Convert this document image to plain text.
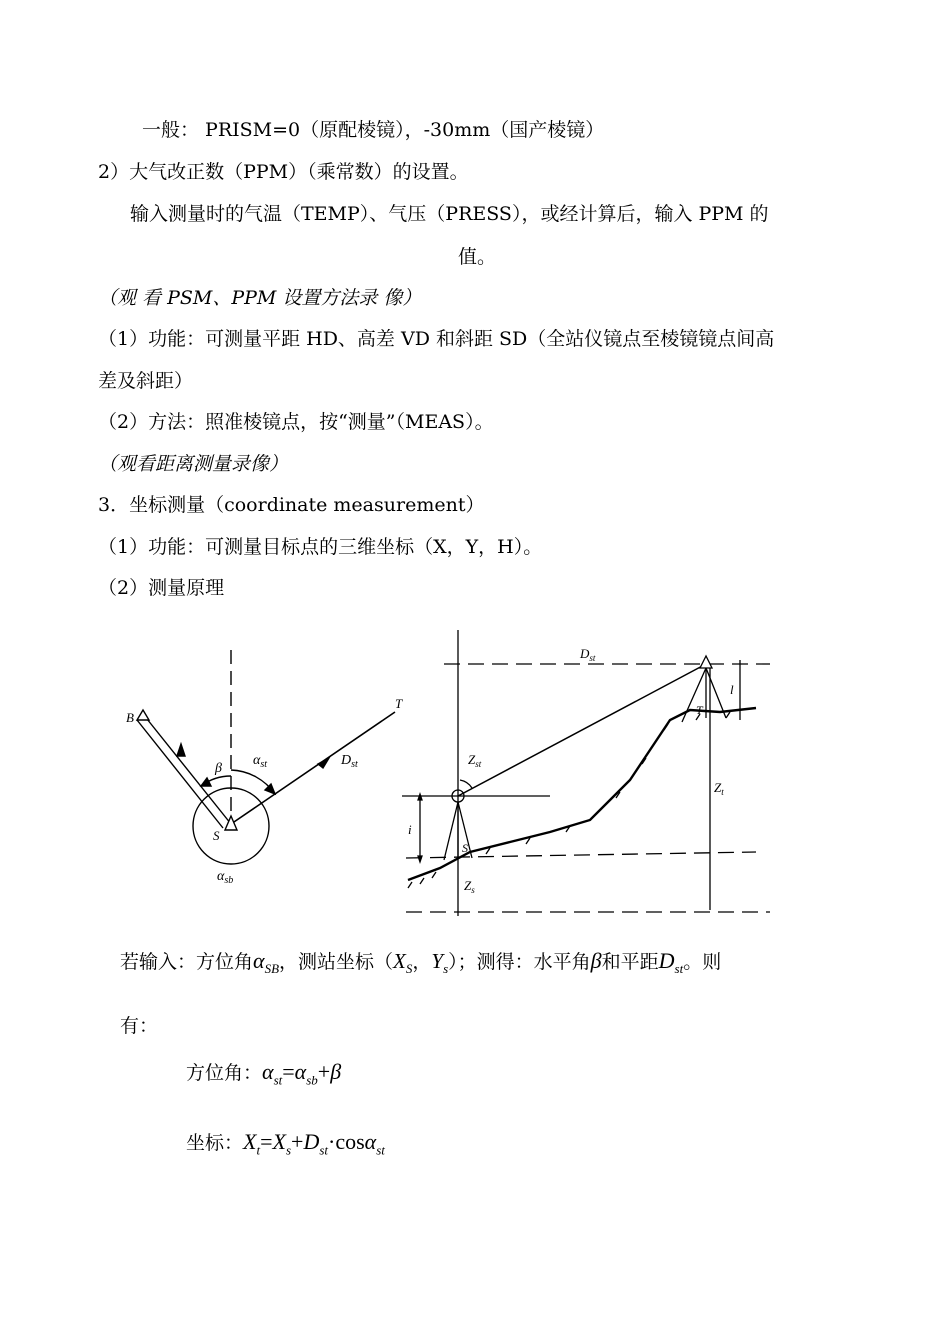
一般： PRISM=0（原配棱镜），-30mm（国产棱镜）
2）大气改正数（PPM）（乘常数）的设置。
输入测量时的气温（TEMP）、气压（PRESS），或经计算后，输入 PPM 的
值。
（观 看 PSM、PPM 设置方法录 像）
（1）功能：可测量平距 HD、高差 VD 和斜距 SD（全站仪镜点至棱镜镜点间高
差及斜距）
（2）方法：照准棱镜点，按“测量”（MEAS）。
（观看距离测量录像）
3．坐标测量（coordinate measurement）
（1）功能：可测量目标点的三维坐标（X，Y，H）。
（2）测量原理
B
S
T
β
$\alpha_{st}$	$D_{st}$
$\alpha_{sb}$
$D_{st}$
$Z_{st}$
$Z_t$
$Z_s$
S
T
i
l
若输入：方位角$\alpha_{SB}$，测站坐标（$X_S$，$Y_s$）；测得：水平角β和平距$D_{st}$。则
有：
方位角：$\alpha_{st}=\alpha_{sb}+\beta$
坐标：$X_t=X_s+D_{st}\cdot\cos\alpha_{st}$
